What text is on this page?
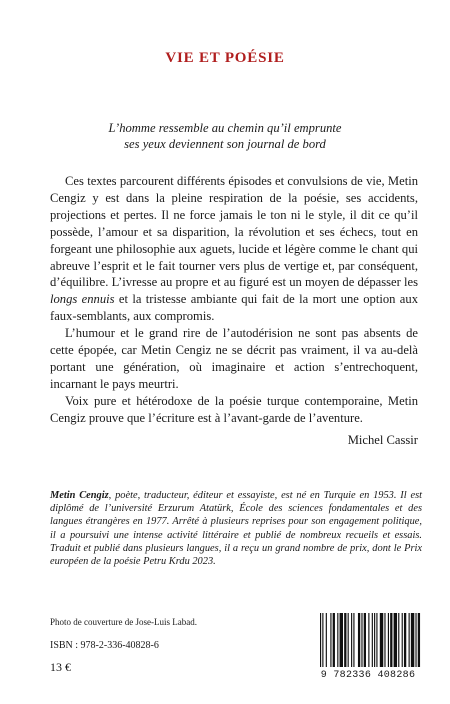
VIE ET POÉSIE
L’homme ressemble au chemin qu’il emprunte
ses yeux deviennent son journal de bord

Ces textes parcourent différents épisodes et convulsions de vie, Metin Cengiz y est dans la pleine respiration de la poésie, ses accidents, projections et pertes. Il ne force jamais le ton ni le style, il dit ce qu’il possède, l’amour et sa disparition, la révolution et ses échecs, tout en forgeant une philosophie aux aguets, lucide et légère comme le chant qui abreuve l’esprit et le fait tourner vers plus de vertige et, par conséquent, d’équilibre. L’ivresse au propre et au figuré est un moyen de dépasser les longs ennuis et la tristesse ambiante qui fait de la mort une option aux faux-semblants, aux compromis.

L’humour et le grand rire de l’autodérision ne sont pas absents de cette épopée, car Metin Cengiz ne se décrit pas vraiment, il va au-delà portant une génération, où imaginaire et action s’entrechoquent, incarnant le pays meurtri.

Voix pure et hétérodoxe de la poésie turque contemporaine, Metin Cengiz prouve que l’écriture est à l’avant-garde de l’aventure.

Michel Cassir
Metin Cengiz, poète, traducteur, éditeur et essayiste, est né en Turquie en 1953. Il est diplômé de l’université Erzurum Atatürk, École des sciences fondamentales et des langues étrangères en 1977. Arrêté à plusieurs reprises pour son engagement politique, il a poursuivi une intense activité littéraire et publié de nombreux recueils et essais. Traduit et publié dans plusieurs langues, il a reçu un grand nombre de prix, dont le Prix européen de la poésie Petru Krdu 2023.
Photo de couverture de Jose-Luis Labad.
ISBN : 978-2-336-40828-6
13 €
9 782336 408286
